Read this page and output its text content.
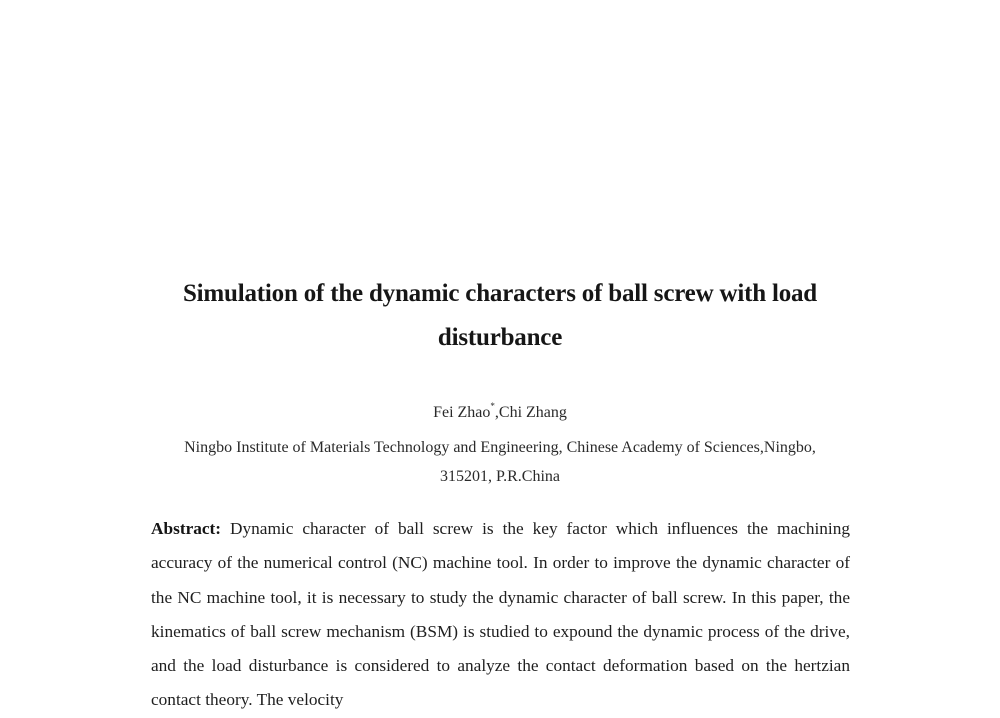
Simulation of the dynamic characters of ball screw with load
disturbance
Fei Zhao*,Chi Zhang
Ningbo Institute of Materials Technology and Engineering, Chinese Academy of Sciences,Ningbo,
315201, P.R.China
Abstract: Dynamic character of ball screw is the key factor which influences the machining accuracy of the numerical control (NC) machine tool. In order to improve the dynamic character of the NC machine tool, it is necessary to study the dynamic character of ball screw. In this paper, the kinematics of ball screw mechanism (BSM) is studied to expound the dynamic process of the drive, and the load disturbance is considered to analyze the contact deformation based on the hertzian contact theory. The velocity
